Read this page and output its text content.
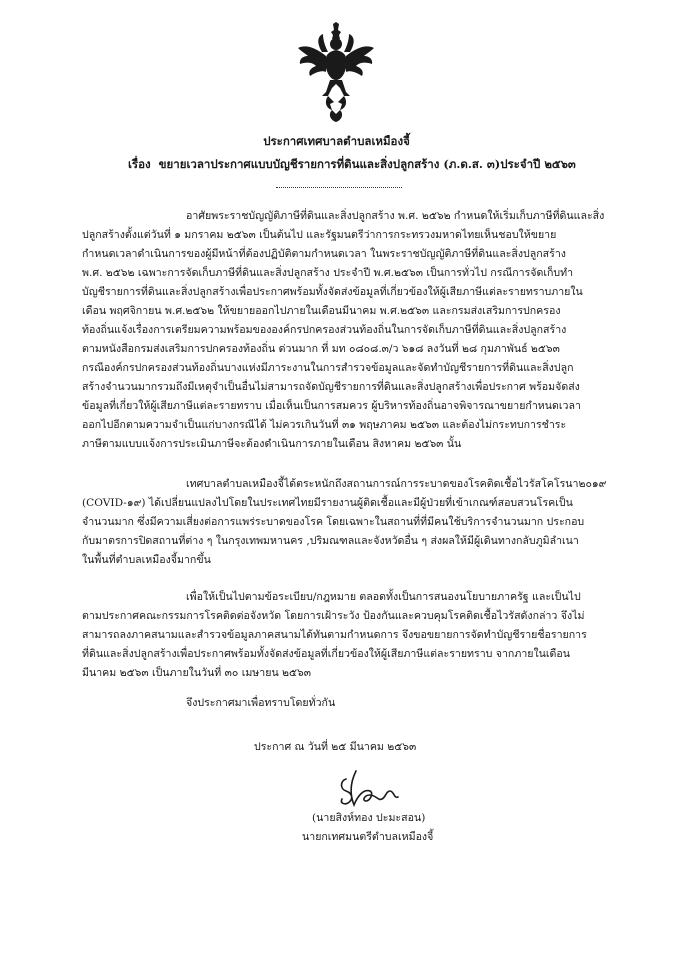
ประกาศเทศบาลตำบลเหมืองจี้
เรื่อง ขยายเวลาประกาศแบบบัญชีรายการที่ดินและสิ่งปลูกสร้าง (ภ.ด.ส. ๓)ประจำปี ๒๕๖๓
อาศัยพระราชบัญญัติภาษีที่ดินและสิ่งปลูกสร้าง พ.ศ. ๒๕๖๒ กำหนดให้เริ่มเก็บภาษีที่ดินและสิ่ง
ปลูกสร้างตั้งแต่วันที่ ๑ มกราคม ๒๕๖๓ เป็นต้นไป และรัฐมนตรีว่าการกระทรวงมหาดไทยเห็นชอบให้ขยาย
กำหนดเวลาดำเนินการของผู้มีหน้าที่ต้องปฏิบัติตามกำหนดเวลา ในพระราชบัญญัติภาษีที่ดินและสิ่งปลูกสร้าง
พ.ศ. ๒๕๖๒ เฉพาะการจัดเก็บภาษีที่ดินและสิ่งปลูกสร้าง ประจำปี พ.ศ.๒๕๖๓ เป็นการทั่วไป กรณีการจัดเก็บทำ
บัญชีรายการที่ดินและสิ่งปลูกสร้างเพื่อประกาศพร้อมทั้งจัดส่งข้อมูลที่เกี่ยวข้องให้ผู้เสียภาษีแต่ละรายทราบภายใน
เดือน พฤศจิกายน พ.ศ.๒๕๖๒ ให้ขยายออกไปภายในเดือนมีนาคม พ.ศ.๒๕๖๓ และกรมส่งเสริมการปกครอง
ท้องถิ่นแจ้งเรื่องการเตรียมความพร้อมขององค์กรปกครองส่วนท้องถิ่นในการจัดเก็บภาษีที่ดินและสิ่งปลูกสร้าง
ตามหนังสือกรมส่งเสริมการปกครองท้องถิ่น ด่วนมาก ที่ มท ๐๘๐๘.๓/ว ๖๑๘ ลงวันที่ ๒๘ กุมภาพันธ์ ๒๕๖๓
กรณีองค์กรปกครองส่วนท้องถิ่นบางแห่งมีภาระงานในการสำรวจข้อมูลและจัดทำบัญชีรายการที่ดินและสิ่งปลูก
สร้างจำนวนมากรวมถึงมีเหตุจำเป็นอื่นไม่สามารถจัดบัญชีรายการที่ดินและสิ่งปลูกสร้างเพื่อประกาศ พร้อมจัดส่ง
ข้อมูลที่เกี่ยวให้ผู้เสียภาษีแต่ละรายทราบ เมื่อเห็นเป็นการสมควร ผู้บริหารท้องถิ่นอาจพิจารณาขยายกำหนดเวลา
ออกไปอีกตามความจำเป็นแก่บางกรณีได้ ไม่ควรเกินวันที่ ๓๑ พฤษภาคม ๒๕๖๓ และต้องไม่กระทบการชำระ
ภาษีตามแบบแจ้งการประเมินภาษีจะต้องดำเนินการภายในเดือน สิงหาคม ๒๕๖๓ นั้น
เทศบาลตำบลเหมืองจี้ได้ตระหนักถึงสถานการณ์การระบาดของโรคติดเชื้อไวรัสโคโรนา๒๐๑๙
(COVID-๑๙) ได้เปลี่ยนแปลงไปโดยในประเทศไทยมีรายงานผู้ติดเชื้อและมีผู้ป่วยที่เข้าเกณฑ์สอบสวนโรคเป็น
จำนวนมาก ซึ่งมีความเสี่ยงต่อการแพร่ระบาดของโรค โดยเฉพาะในสถานที่ที่มีคนใช้บริการจำนวนมาก ประกอบ
กับมาตรการปิดสถานที่ต่าง ๆ ในกรุงเทพมหานคร ,ปริมณฑลและจังหวัดอื่น ๆ ส่งผลให้มีผู้เดินทางกลับภูมิลำเนา
ในพื้นที่ตำบลเหมืองจี้มากขึ้น
เพื่อให้เป็นไปตามข้อระเบียบ/กฎหมาย ตลอดทั้งเป็นการสนองนโยบายภาครัฐ และเป็นไป
ตามประกาศคณะกรรมการโรคติดต่อจังหวัด โดยการเฝ้าระวัง ป้องกันและควบคุมโรคติดเชื้อไวรัสดังกล่าว จึงไม่
สามารถลงภาคสนามและสำรวจข้อมูลภาคสนามได้ทันตามกำหนดการ จึงขอขยายการจัดทำบัญชีรายชื่อรายการ
ที่ดินและสิ่งปลูกสร้างเพื่อประกาศพร้อมทั้งจัดส่งข้อมูลที่เกี่ยวข้องให้ผู้เสียภาษีแต่ละรายทราบ จากภายในเดือน
มีนาคม ๒๕๖๓ เป็นภายในวันที่ ๓๐ เมษายน ๒๕๖๓
จึงประกาศมาเพื่อทราบโดยทั่วกัน
ประกาศ ณ วันที่ ๒๕ มีนาคม ๒๕๖๓
(นายสิงห์ทอง ปะมะสอน)
นายกเทศมนตรีตำบลเหมืองจี้
